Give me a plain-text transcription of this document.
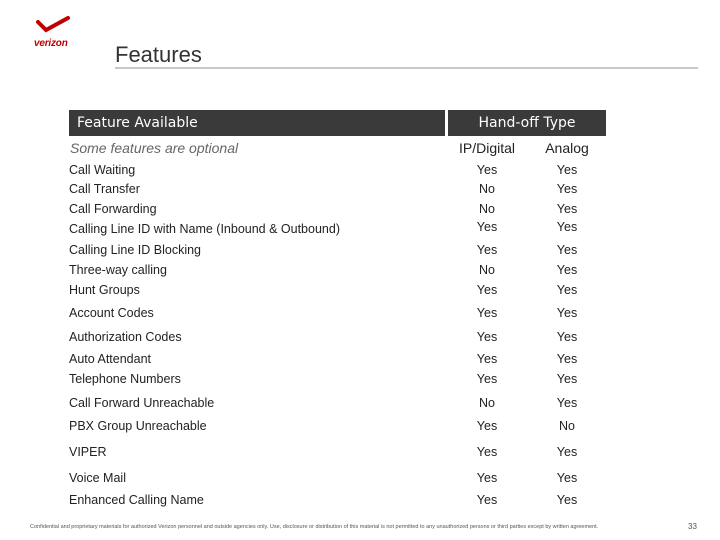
verizon Features
Feature Available	Hand-off Type
Some features are optional	IP/Digital	Analog
Call Waiting	Yes	Yes
Call Transfer	No	Yes
Call Forwarding	No	Yes
Calling Line ID with Name (Inbound & Outbound)	Yes	Yes
Calling Line ID Blocking	Yes	Yes
Three-way calling	No	Yes
Hunt Groups	Yes	Yes
Account Codes	Yes	Yes
Authorization Codes	Yes	Yes
Auto Attendant	Yes	Yes
Telephone Numbers	Yes	Yes
Call Forward Unreachable	No	Yes
PBX Group Unreachable	Yes	No
VIPER	Yes	Yes
Voice Mail	Yes	Yes
Enhanced Calling Name	Yes	Yes
Confidential and proprietary materials for authorized Verizon personnel and outside agencies only. Use, disclosure or distribution of this material is not permitted to any unauthorized persons or third parties except by written agreement.	33
